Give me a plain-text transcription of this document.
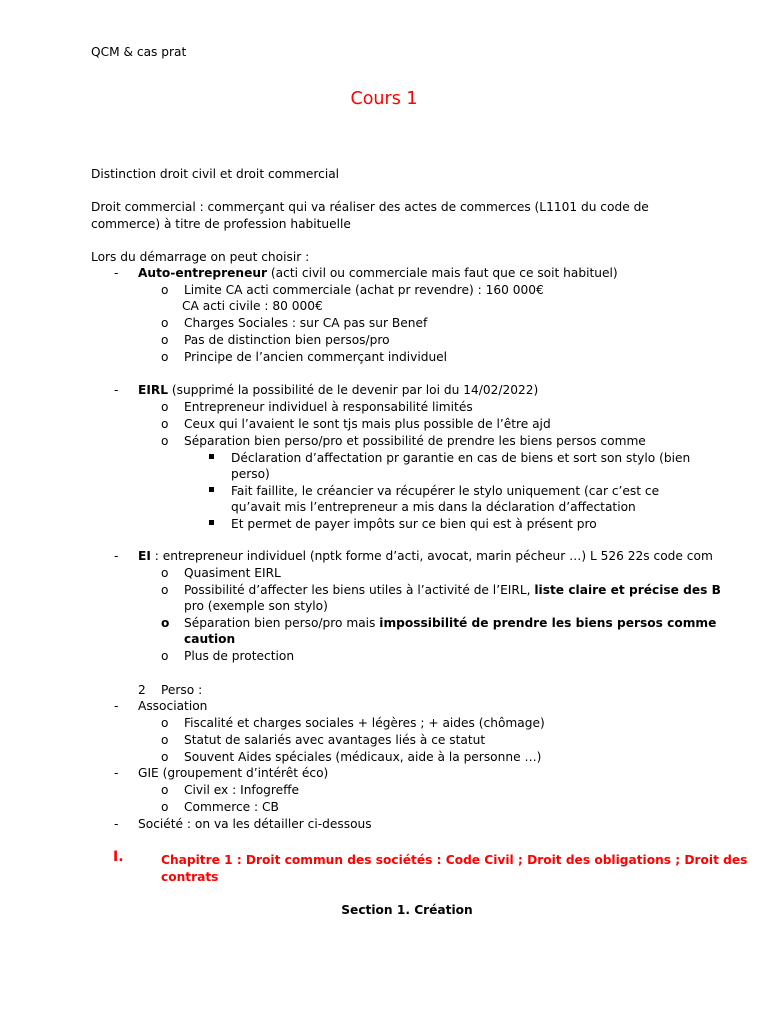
QCM & cas prat
Cours 1
Distinction droit civil et droit commercial
Droit commercial : commerçant qui va réaliser des actes de commerces (L1101 du code de
commerce) à titre de profession habituelle
Lors du démarrage on peut choisir :
- Auto-entrepreneur (acti civil ou commerciale mais faut que ce soit habituel)
o Limite CA acti commerciale (achat pr revendre) : 160 000€
CA acti civile : 80 000€
o Charges Sociales : sur CA pas sur Benef
o Pas de distinction bien persos/pro
o Principe de l’ancien commerçant individuel
- EIRL (supprimé la possibilité de le devenir par loi du 14/02/2022)
o Entrepreneur individuel à responsabilité limités
o Ceux qui l’avaient le sont tjs mais plus possible de l’être ajd
o Séparation bien perso/pro et possibilité de prendre les biens persos comme
Déclaration d’affectation pr garantie en cas de biens et sort son stylo (bien
perso)
Fait faillite, le créancier va récupérer le stylo uniquement (car c’est ce
qu’avait mis l’entrepreneur a mis dans la déclaration d’affectation
Et permet de payer impôts sur ce bien qui est à présent pro
- EI : entrepreneur individuel (nptk forme d’acti, avocat, marin pécheur …) L 526 22s code com
o Quasiment EIRL
o Possibilité d’affecter les biens utiles à l’activité de l’EIRL, liste claire et précise des B
pro (exemple son stylo)
o Séparation bien perso/pro mais impossibilité de prendre les biens persos comme
caution
o Plus de protection
2 Perso :
- Association
o Fiscalité et charges sociales + légères ; + aides (chômage)
o Statut de salariés avec avantages liés à ce statut
o Souvent Aides spéciales (médicaux, aide à la personne …)
- GIE (groupement d’intérêt éco)
o Civil ex : Infogreffe
o Commerce : CB
- Société : on va les détailler ci-dessous
I.	Chapitre 1 : Droit commun des sociétés : Code Civil ; Droit des obligations ; Droit des
contrats
Section 1. Création
